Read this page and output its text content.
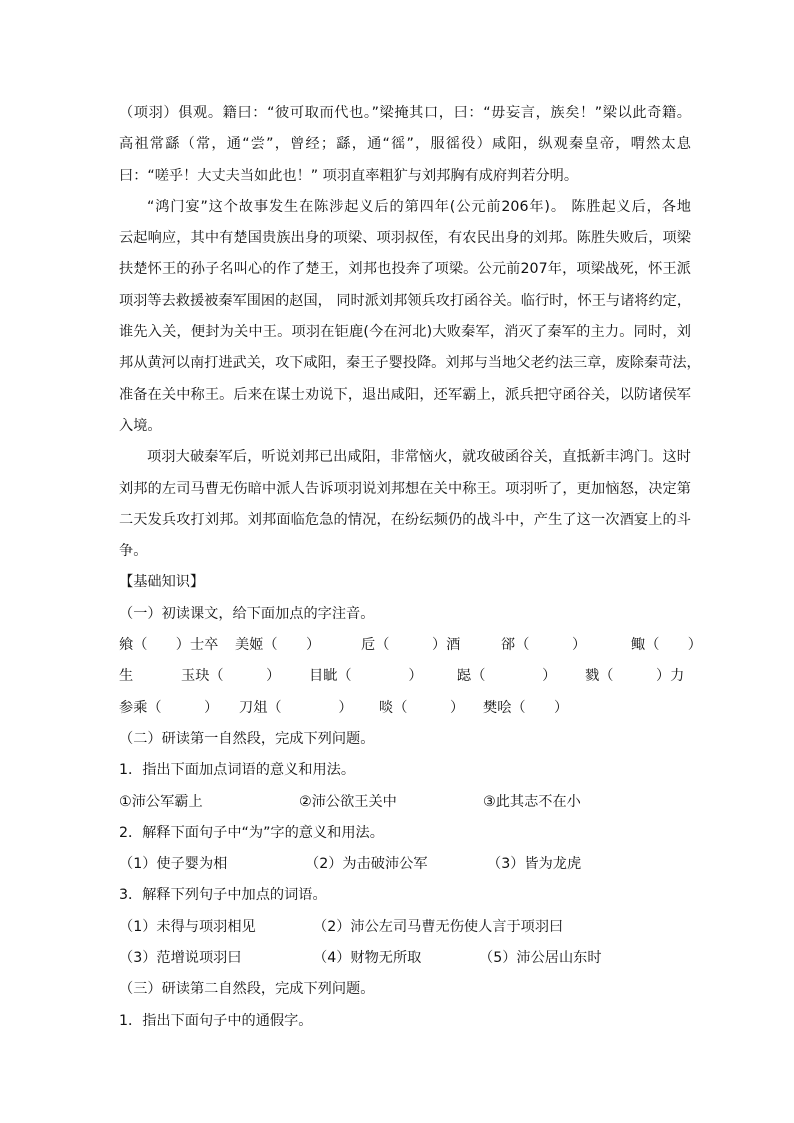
（项羽）俱观。籍曰：“彼可取而代也。”梁掩其口，曰：“毋妄言，族矣！”梁以此奇籍。
高祖常繇（常，通“尝”，曾经；繇，通“徭”，服徭役）咸阳，纵观秦皇帝，喟然太息
曰：“嗟乎！大丈夫当如此也！” 项羽直率粗犷与刘邦胸有成府判若分明。
“鸿门宴”这个故事发生在陈涉起义后的第四年(公元前206年)。 陈胜起义后，各地
云起响应，其中有楚国贵族出身的项梁、项羽叔侄，有农民出身的刘邦。陈胜失败后，项梁
扶楚怀王的孙子名叫心的作了楚王，刘邦也投奔了项梁。公元前207年，项梁战死，怀王派
项羽等去救援被秦军围困的赵国， 同时派刘邦领兵攻打函谷关。临行时，怀王与诸将约定，
谁先入关，便封为关中王。项羽在钜鹿(今在河北)大败秦军，消灭了秦军的主力。同时，刘
邦从黄河以南打进武关，攻下咸阳，秦王子婴投降。刘邦与当地父老约法三章，废除秦苛法，
准备在关中称王。后来在谋士劝说下，退出咸阳，还军霸上，派兵把守函谷关，以防诸侯军
入境。
项羽大破秦军后，听说刘邦已出咸阳，非常恼火，就攻破函谷关，直抵新丰鸿门。这时
刘邦的左司马曹无伤暗中派人告诉项羽说刘邦想在关中称王。项羽听了，更加恼怒，决定第
二天发兵攻打刘邦。刘邦面临危急的情况，在纷纭频仍的战斗中，产生了这一次酒宴上的斗
争。
【基础知识】
（一）初读课文，给下面加点的字注音。
飨（　　）士卒	美姬（　　）	卮（　　　）酒	郤（　　　）	鲰（　　）
生	玉玦（　　　）	目眦（　　　　）	跽（　　　　）	戮（　　　）力
参乘（　　　）	刀俎（　　　　）	啖（　　　）	樊哙（　　）
（二）研读第一自然段，完成下列问题。
1．指出下面加点词语的意义和用法。
①沛公军霸上	②沛公欲王关中	③此其志不在小
2．解释下面句子中“为”字的意义和用法。
（1）使子婴为相	（2）为击破沛公军	（3）皆为龙虎
3．解释下列句子中加点的词语。
（1）未得与项羽相见	（2）沛公左司马曹无伤使人言于项羽曰
（3）范增说项羽曰	（4）财物无所取	（5）沛公居山东时
（三）研读第二自然段，完成下列问题。
1．指出下面句子中的通假字。
